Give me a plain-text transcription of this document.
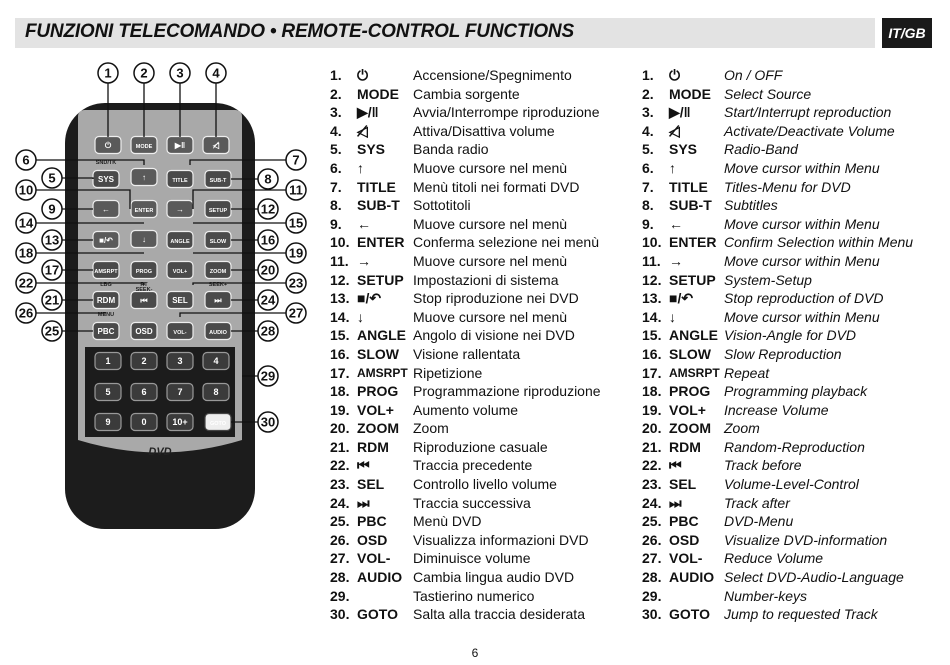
FUNZIONI TELECOMANDO • REMOTE-CONTROL FUNCTIONS	IT/GB
⏻	MODE	▶‖	◁̸
SYS	↑	TITLE	SUB-T
←	ENTER	→	SETUP
■/↶	↓	ANGLE	SLOW
AMSRPT	PROG	VOL+	ZOOM
RDM	⏮	SEL	⏭
PBC	OSD	VOL-	AUDIO
1	2	3	4
5	6	7	8
9	0	10+	GOTO
SND/TK
RT
SEEK-
SEEK+
LBG
MENU
DVD
1 2 3 4
5
6	7
8
9
10	11
12
13
14	15
16
17
18	19
20
21
22	23
24
25
26	27
28
29
30
1.	⏻	Accensione/Spegnimento
2.	MODE Cambia sorgente
3.	▶/‖ Avvia/Interrompe riproduzione
4.	◁̸	Attiva/Disattiva volume
5.	SYS Banda radio
6.	↑	Muove cursore nel menù
7.	TITLE Menù titoli nei formati DVD
8.	SUB-T Sottotitoli
9.	←	Muove cursore nel menù
10. ENTER Conferma selezione nei menù
11. →	Muove cursore nel menù
12. SETUP Impostazioni di sistema
13. ■/↶ Stop riproduzione nei DVD
14. ↓	Muove cursore nel menù
15. ANGLE Angolo di visione nei DVD
16. SLOW Visione rallentata
17. AMSRPT Ripetizione
18. PROG Programmazione riproduzione
19. VOL+ Aumento volume
20. ZOOM Zoom
21. RDM Riproduzione casuale
22. ⏮	Traccia precedente
23. SEL Controllo livello volume
24. ⏭	Traccia successiva
25. PBC Menù DVD
26. OSD Visualizza informazioni DVD
27. VOL- Diminuisce volume
28. AUDIO Cambia lingua audio DVD
29.	Tastierino numerico
30. GOTO Salta alla traccia desiderata
1.	⏻	On / OFF
2.	MODE Select Source
3.	▶/‖ Start/Interrupt reproduction
4.	◁̸	Activate/Deactivate Volume
5.	SYS Radio-Band
6.	↑	Move cursor within Menu
7.	TITLE Titles-Menu for DVD
8.	SUB-T Subtitles
9.	←	Move cursor within Menu
10. ENTER Confirm Selection within Menu
11. →	Move cursor within Menu
12. SETUP System-Setup
13. ■/↶ Stop reproduction of DVD
14. ↓	Move cursor within Menu
15. ANGLE Vision-Angle for DVD
16. SLOW Slow Reproduction
17. AMSRPT Repeat
18. PROG Programming playback
19. VOL+ Increase Volume
20. ZOOM Zoom
21. RDM Random-Reproduction
22. ⏮	Track before
23. SEL Volume-Level-Control
24. ⏭	Track after
25. PBC DVD-Menu
26. OSD Visualize DVD-information
27. VOL- Reduce Volume
28. AUDIO Select DVD-Audio-Language
29.	Number-keys
30. GOTO Jump to requested Track
6
